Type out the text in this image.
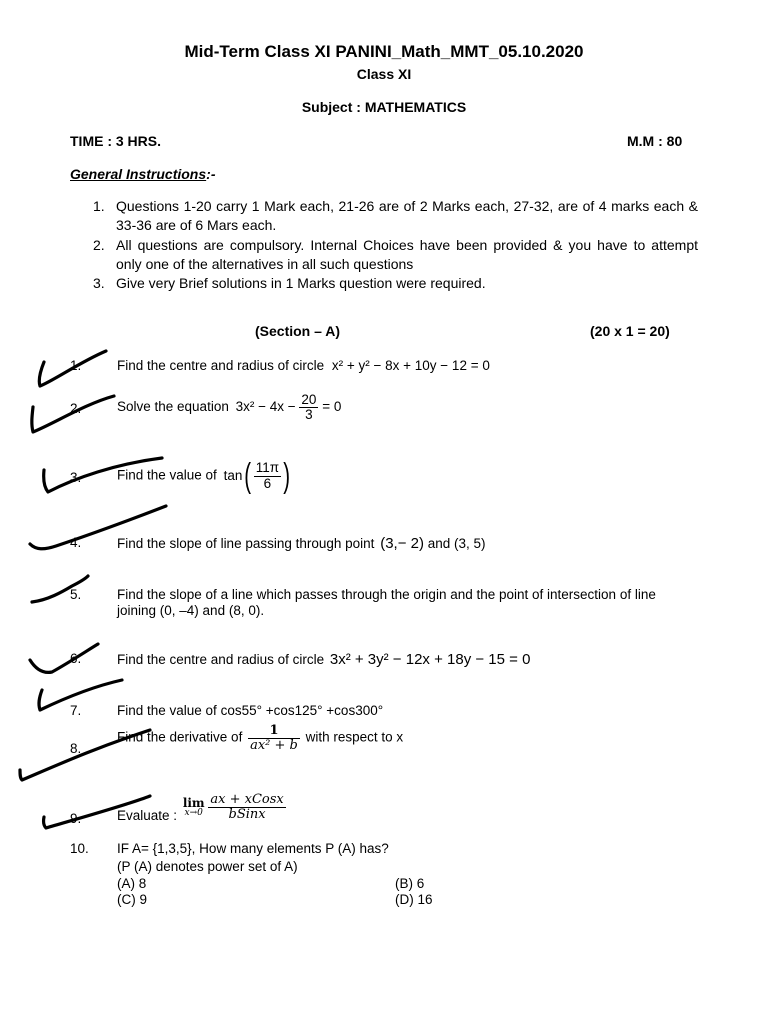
Mid-Term Class XI PANINI_Math_MMT_05.10.2020
Class XI
Subject : MATHEMATICS
TIME : 3 HRS.	M.M : 80
General Instructions:-
1. Questions 1-20 carry 1 Mark each, 21-26 are of 2 Marks each, 27-32, are of 4 marks each & 33-36 are of 6 Mars each.
2. All questions are compulsory. Internal Choices have been provided & you have to attempt only one of the alternatives in all such questions
3. Give very Brief solutions in 1 Marks question were required.
(Section – A)	(20 x 1 = 20)
1.	Find the centre and radius of circle x² + y² − 8x + 10y − 12 = 0
2.	Solve the equation $3x^2 - 4x - \frac{20}{3} = 0$
3.	Find the value of $\tan( \frac{11\pi}{6}$ )
4.	Find the slope of line passing through point (3,− 2) and (3, 5)
5.	Find the slope of a line which passes through the origin and the point of intersection of line joining (0, –4) and (8, 0).
6.	Find the centre and radius of circle 3x² + 3y² − 12x + 18y − 15 = 0
7.	Find the value of cos55° +cos125° +cos300°
8.
Find the derivative of $\frac{1}{\text{ax² + b}}$ with respect to x
9.	Evaluate :
lim
x→0
$\frac{\text{ax + xCosx}}{\text{bSinx}}$
10. IF A= {1,3,5}, How many elements P (A) has?
(P (A) denotes power set of A)
(A) 8	(B) 6
(C) 9	(D) 16
